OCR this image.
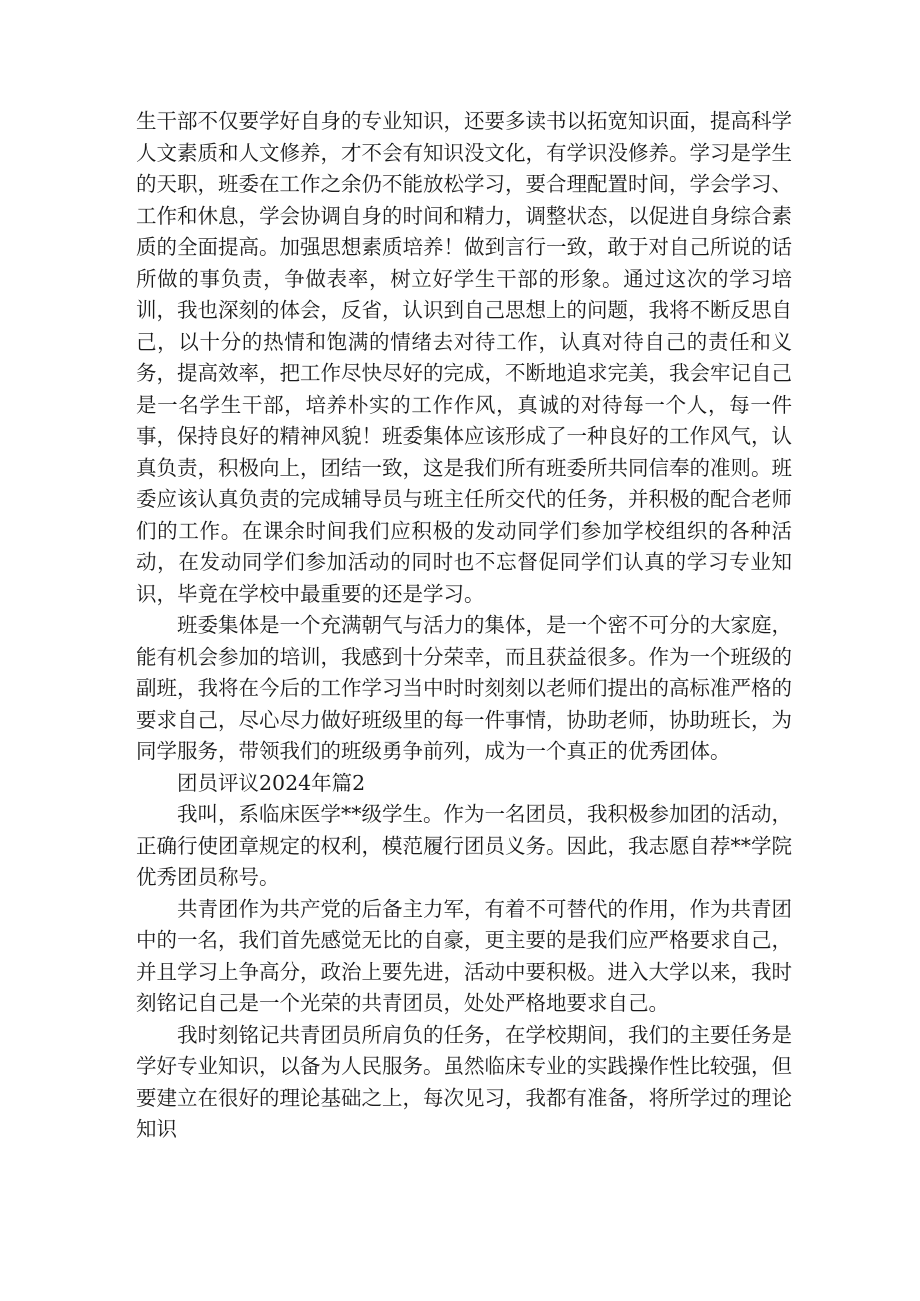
生干部不仅要学好自身的专业知识，还要多读书以拓宽知识面，提高科学人文素质和人文修养，才不会有知识没文化，有学识没修养。学习是学生的天职，班委在工作之余仍不能放松学习，要合理配置时间，学会学习、工作和休息，学会协调自身的时间和精力，调整状态，以促进自身综合素质的全面提高。加强思想素质培养！做到言行一致，敢于对自己所说的话所做的事负责，争做表率，树立好学生干部的形象。通过这次的学习培训，我也深刻的体会，反省，认识到自己思想上的问题，我将不断反思自己，以十分的热情和饱满的情绪去对待工作，认真对待自己的责任和义务，提高效率，把工作尽快尽好的完成，不断地追求完美，我会牢记自己是一名学生干部，培养朴实的工作作风，真诚的对待每一个人，每一件事，保持良好的精神风貌！班委集体应该形成了一种良好的工作风气，认真负责，积极向上，团结一致，这是我们所有班委所共同信奉的准则。班委应该认真负责的完成辅导员与班主任所交代的任务，并积极的配合老师们的工作。在课余时间我们应积极的发动同学们参加学校组织的各种活动，在发动同学们参加活动的同时也不忘督促同学们认真的学习专业知识，毕竟在学校中最重要的还是学习。

班委集体是一个充满朝气与活力的集体，是一个密不可分的大家庭，能有机会参加的培训，我感到十分荣幸，而且获益很多。作为一个班级的副班，我将在今后的工作学习当中时时刻刻以老师们提出的高标准严格的要求自己，尽心尽力做好班级里的每一件事情，协助老师，协助班长，为同学服务，带领我们的班级勇争前列，成为一个真正的优秀团体。

团员评议2024年篇2

我叫，系临床医学**级学生。作为一名团员，我积极参加团的活动，正确行使团章规定的权利，模范履行团员义务。因此，我志愿自荐**学院优秀团员称号。

共青团作为共产党的后备主力军，有着不可替代的作用，作为共青团中的一名，我们首先感觉无比的自豪，更主要的是我们应严格要求自己，并且学习上争高分，政治上要先进，活动中要积极。进入大学以来，我时刻铭记自己是一个光荣的共青团员，处处严格地要求自己。

我时刻铭记共青团员所肩负的任务，在学校期间，我们的主要任务是学好专业知识，以备为人民服务。虽然临床专业的实践操作性比较强，但要建立在很好的理论基础之上，每次见习，我都有准备，将所学过的理论知识
